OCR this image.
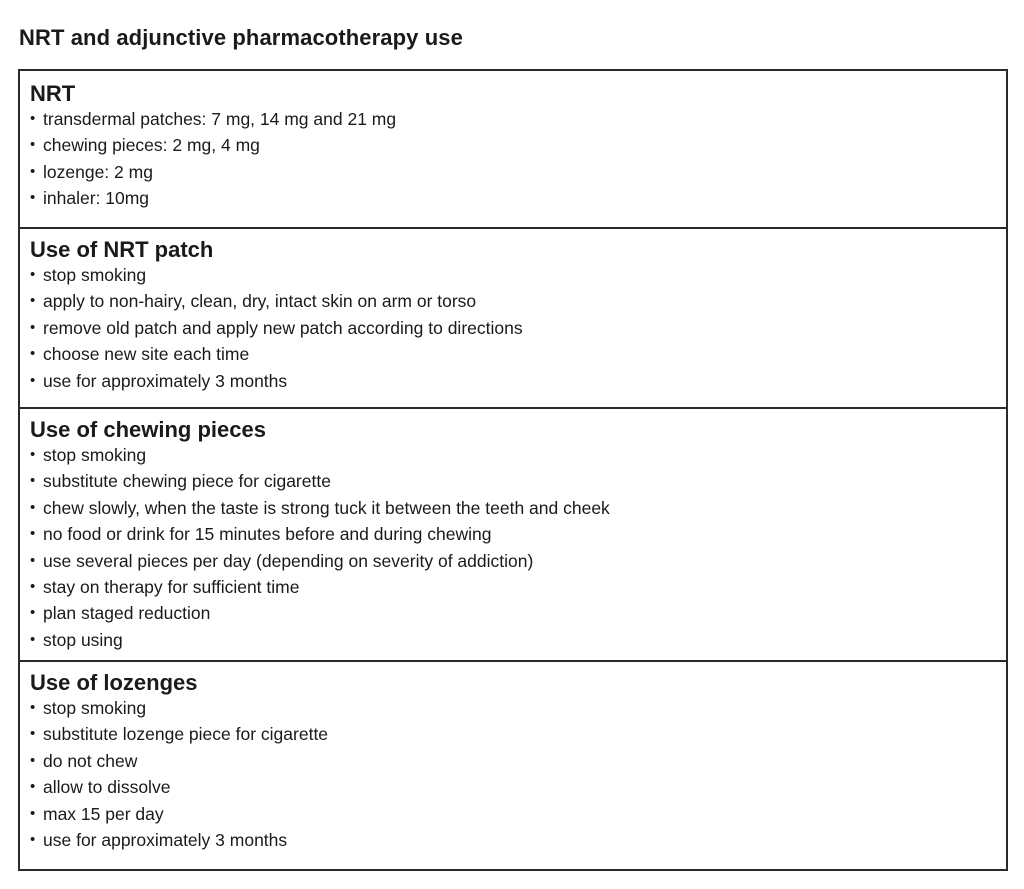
NRT and adjunctive pharmacotherapy use
NRT
• transdermal patches: 7 mg, 14 mg and 21 mg
• chewing pieces: 2 mg, 4 mg
• lozenge: 2 mg
• inhaler: 10mg
Use of NRT patch
• stop smoking
• apply to non-hairy, clean, dry, intact skin on arm or torso
• remove old patch and apply new patch according to directions
• choose new site each time
• use for approximately 3 months
Use of chewing pieces
• stop smoking
• substitute chewing piece for cigarette
• chew slowly, when the taste is strong tuck it between the teeth and cheek
• no food or drink for 15 minutes before and during chewing
• use several pieces per day (depending on severity of addiction)
• stay on therapy for sufficient time
• plan staged reduction
• stop using
Use of lozenges
• stop smoking
• substitute lozenge piece for cigarette
• do not chew
• allow to dissolve
• max 15 per day
• use for approximately 3 months
